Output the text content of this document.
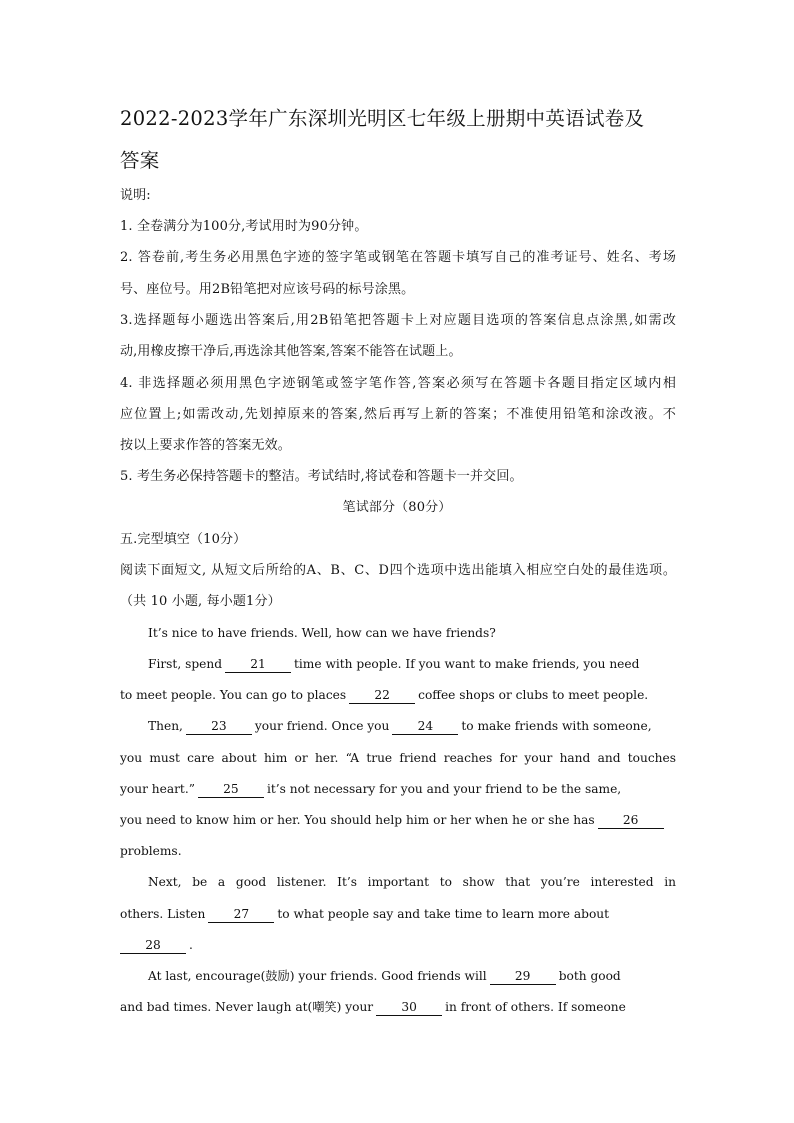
2022-2023学年广东深圳光明区七年级上册期中英语试卷及
答案
说明:
1. 全卷满分为100分,考试用时为90分钟。
2. 答卷前,考生务必用黑色字迹的签字笔或钢笔在答题卡填写自己的准考证号、姓名、考场
号、座位号。用2B铅笔把对应该号码的标号涂黑。
3.选择题每小题选出答案后,用2B铅笔把答题卡上对应题目选项的答案信息点涂黑,如需改
动,用橡皮擦干净后,再选涂其他答案,答案不能答在试题上。
4. 非选择题必须用黑色字迹钢笔或签字笔作答,答案必须写在答题卡各题目指定区域内相
应位置上;如需改动,先划掉原来的答案,然后再写上新的答案；不准使用铅笔和涂改液。不
按以上要求作答的答案无效。
5. 考生务必保持答题卡的整洁。考试结时,将试卷和答题卡一并交回。
笔试部分（80分）
五.完型填空（10分）
阅读下面短文, 从短文后所给的A、B、C、D四个选项中选出能填入相应空白处的最佳选项。
（共 10 小题, 每小题1分）
It’s nice to have friends. Well, how can we have friends?
First, spend 21 time with people. If you want to make friends, you need
to meet people. You can go to places 22 coffee shops or clubs to meet people.
Then, 23 your friend. Once you 24 to make friends with someone,
you must care about him or her. “A true friend reaches for your hand and touches
your heart.” 25 it’s not necessary for you and your friend to be the same,
you need to know him or her. You should help him or her when he or she has 26
problems.
Next, be a good listener. It’s important to show that you’re interested in
others. Listen 27 to what people say and take time to learn more about
28 .
At last, encourage(鼓励) your friends. Good friends will 29 both good
and bad times. Never laugh at(嘲笑) your 30 in front of others. If someone
